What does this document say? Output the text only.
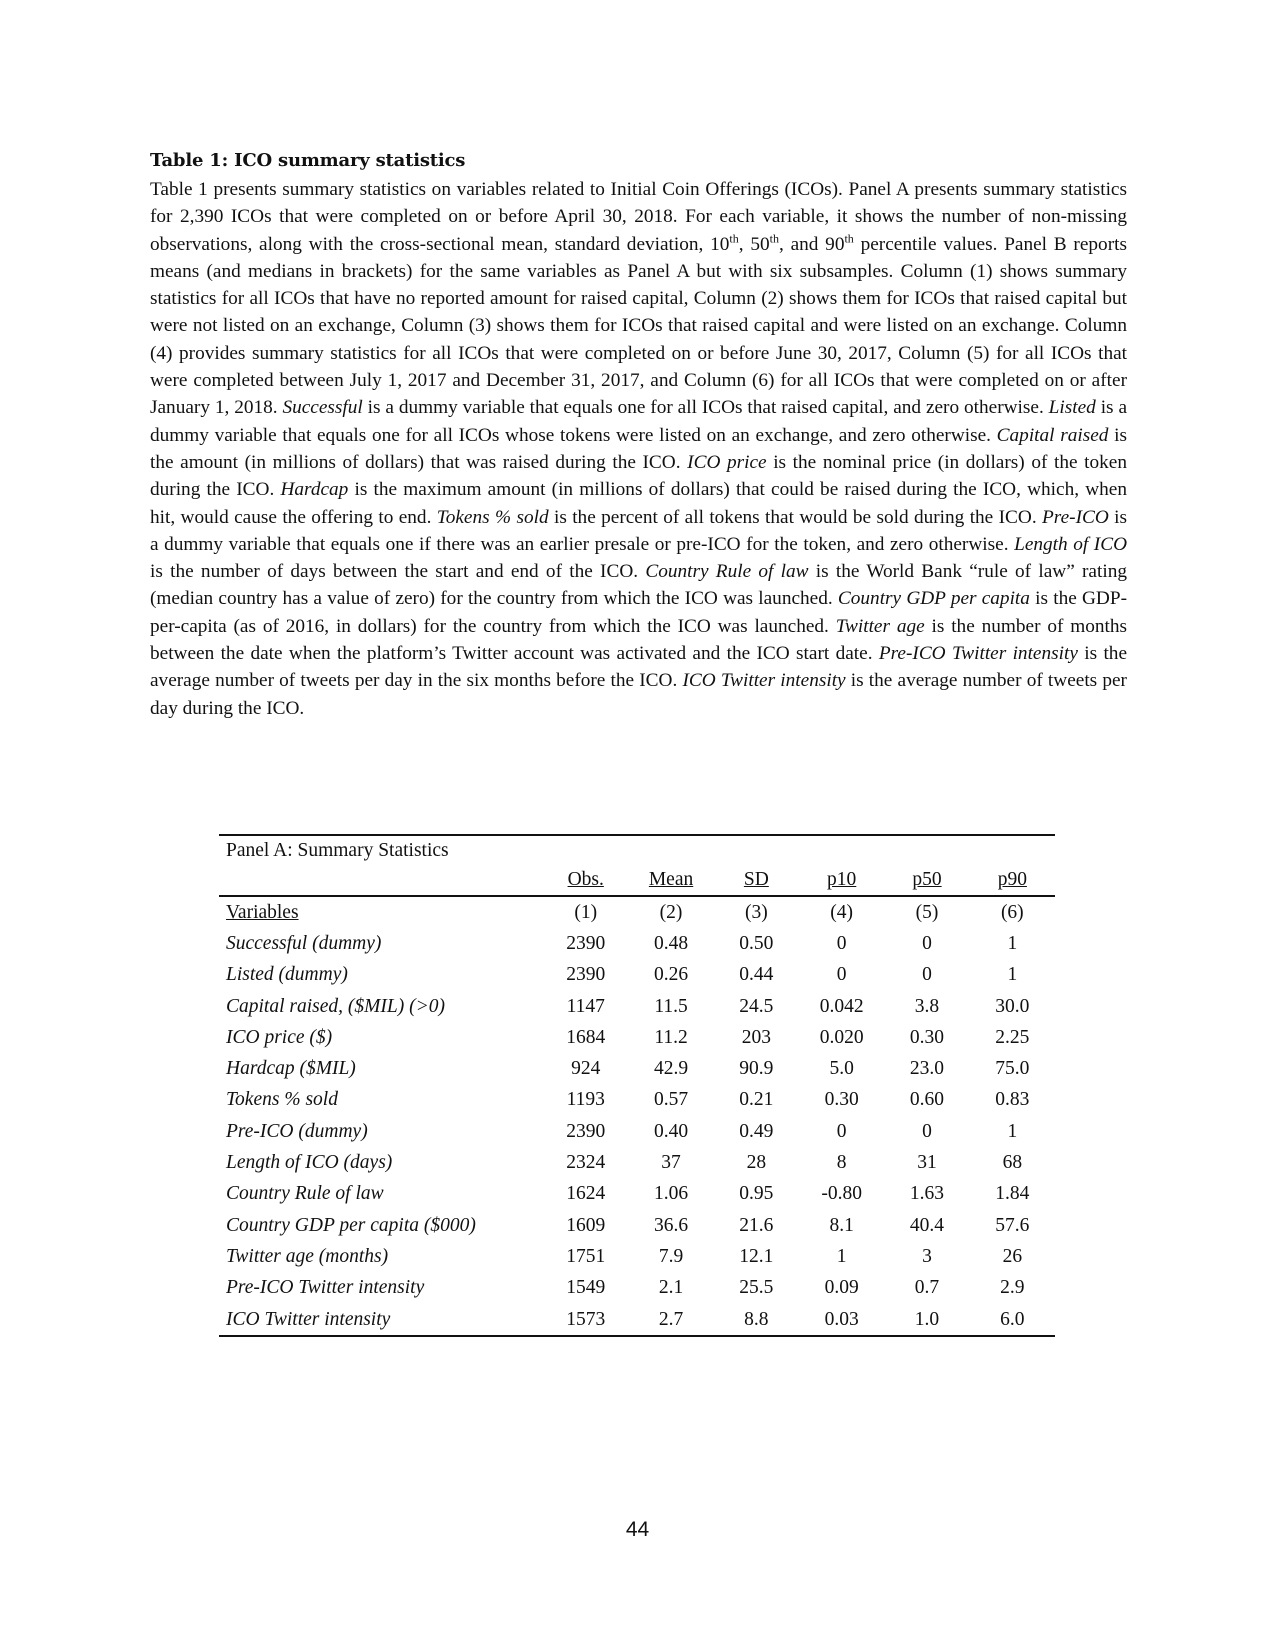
Table 1: ICO summary statistics

Table 1 presents summary statistics on variables related to Initial Coin Offerings (ICOs). Panel A presents summary statistics for 2,390 ICOs that were completed on or before April 30, 2018. For each variable, it shows the number of non-missing observations, along with the cross-sectional mean, standard deviation, 10th, 50th, and 90th percentile values. Panel B reports means (and medians in brackets) for the same variables as Panel A but with six subsamples. Column (1) shows summary statistics for all ICOs that have no reported amount for raised capital, Column (2) shows them for ICOs that raised capital but were not listed on an exchange, Column (3) shows them for ICOs that raised capital and were listed on an exchange. Column (4) provides summary statistics for all ICOs that were completed on or before June 30, 2017, Column (5) for all ICOs that were completed between July 1, 2017 and December 31, 2017, and Column (6) for all ICOs that were completed on or after January 1, 2018. Successful is a dummy variable that equals one for all ICOs that raised capital, and zero otherwise. Listed is a dummy variable that equals one for all ICOs whose tokens were listed on an exchange, and zero otherwise. Capital raised is the amount (in millions of dollars) that was raised during the ICO. ICO price is the nominal price (in dollars) of the token during the ICO. Hardcap is the maximum amount (in millions of dollars) that could be raised during the ICO, which, when hit, would cause the offering to end. Tokens % sold is the percent of all tokens that would be sold during the ICO. Pre-ICO is a dummy variable that equals one if there was an earlier presale or pre-ICO for the token, and zero otherwise. Length of ICO is the number of days between the start and end of the ICO. Country Rule of law is the World Bank “rule of law” rating (median country has a value of zero) for the country from which the ICO was launched. Country GDP per capita is the GDP-per-capita (as of 2016, in dollars) for the country from which the ICO was launched. Twitter age is the number of months between the date when the platform’s Twitter account was activated and the ICO start date. Pre-ICO Twitter intensity is the average number of tweets per day in the six months before the ICO. ICO Twitter intensity is the average number of tweets per day during the ICO.

Panel A: Summary Statistics						
	Obs.	Mean	SD	p10	p50	p90
Variables	(1)	(2)	(3)	(4)	(5)	(6)
Successful (dummy)	2390	0.48	0.50	0	0	1
Listed (dummy)	2390	0.26	0.44	0	0	1
Capital raised, ($MIL) (>0)	1147	11.5	24.5	0.042	3.8	30.0
ICO price ($)	1684	11.2	203	0.020	0.30	2.25
Hardcap ($MIL)	924	42.9	90.9	5.0	23.0	75.0
Tokens % sold	1193	0.57	0.21	0.30	0.60	0.83
Pre-ICO (dummy)	2390	0.40	0.49	0	0	1
Length of ICO (days)	2324	37	28	8	31	68
Country Rule of law	1624	1.06	0.95	-0.80	1.63	1.84
Country GDP per capita ($000)	1609	36.6	21.6	8.1	40.4	57.6
Twitter age (months)	1751	7.9	12.1	1	3	26
Pre-ICO Twitter intensity	1549	2.1	25.5	0.09	0.7	2.9
ICO Twitter intensity	1573	2.7	8.8	0.03	1.0	6.0
44
